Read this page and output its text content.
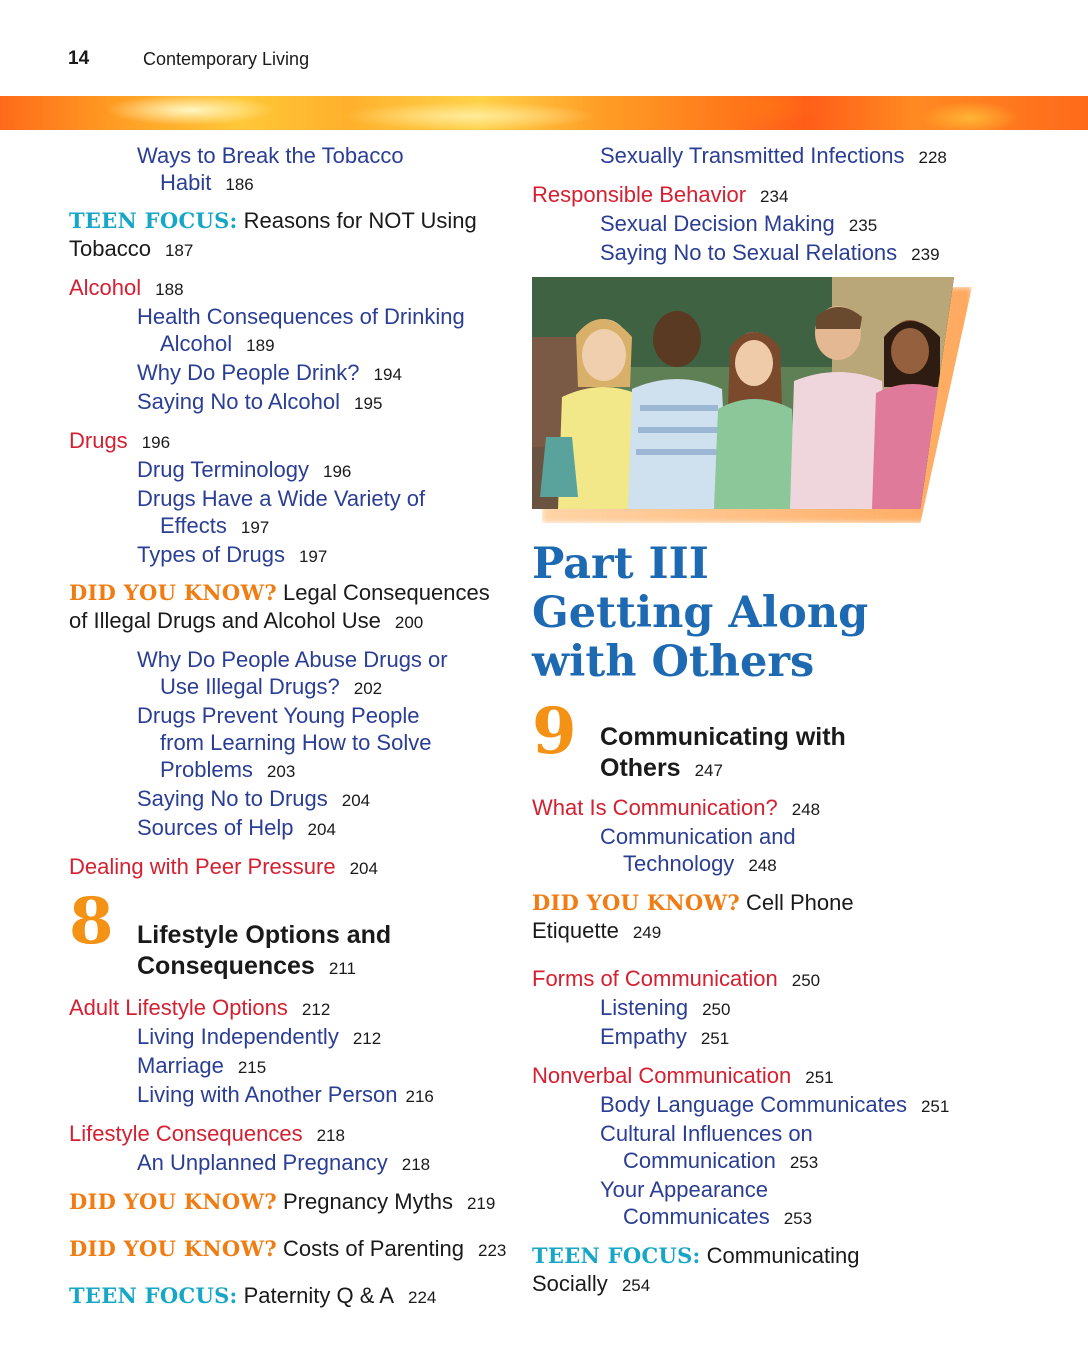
14	Contemporary Living
Ways to Break the Tobacco
Habit 186
TEEN FOCUS: Reasons for NOT Using
Tobacco 187
Alcohol 188
Health Consequences of Drinking
Alcohol 189
Why Do People Drink? 194
Saying No to Alcohol 195
Drugs 196
Drug Terminology 196
Drugs Have a Wide Variety of
Effects 197
Types of Drugs 197
DID YOU KNOW? Legal Consequences
of Illegal Drugs and Alcohol Use 200
Why Do People Abuse Drugs or
Use Illegal Drugs? 202
Drugs Prevent Young People
from Learning How to Solve
Problems 203
Saying No to Drugs 204
Sources of Help 204
Dealing with Peer Pressure 204
8 Lifestyle Options and
Consequences 211
Adult Lifestyle Options 212
Living Independently 212
Marriage 215
Living with Another Person 216
Lifestyle Consequences 218
An Unplanned Pregnancy 218
DID YOU KNOW? Pregnancy Myths 219
DID YOU KNOW? Costs of Parenting 223
TEEN FOCUS: Paternity Q & A 224
Sexually Transmitted Infections 228
Responsible Behavior 234
Sexual Decision Making 235
Saying No to Sexual Relations 239
Part III
Getting Along
with Others
9 Communicating with
Others 247
What Is Communication? 248
Communication and
Technology 248
DID YOU KNOW? Cell Phone
Etiquette 249
Forms of Communication 250
Listening 250
Empathy 251
Nonverbal Communication 251
Body Language Communicates 251
Cultural Influences on
Communication 253
Your Appearance
Communicates 253
TEEN FOCUS: Communicating
Socially 254
